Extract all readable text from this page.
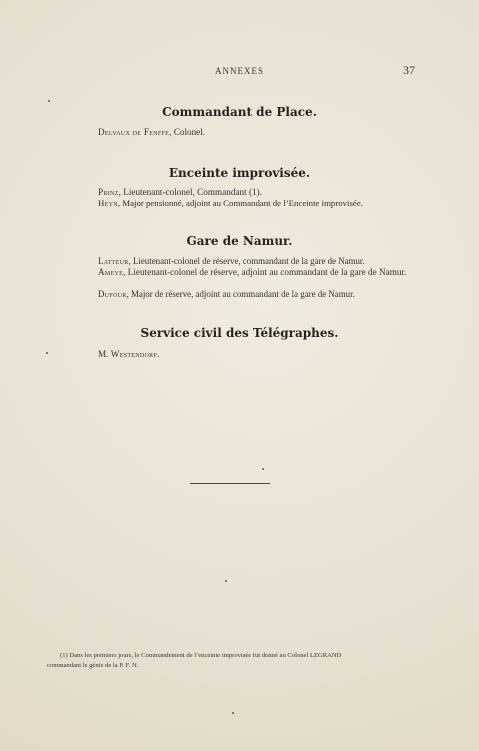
ANNEXES	37
Commandant de Place.
Delvaux de Fenffe, Colonel.
Enceinte improvisée.
Prinz, Lieutenant-colonel, Commandant (1).
Heyn, Major pensionné, adjoint au Commandant de l’Enceinte improvisée.
Gare de Namur.
Latteur, Lieutenant-colonel de réserve, commandant de la gare de Namur.
Ameye, Lieutenant-colonel de réserve, adjoint au commandant de la gare de Namur.
Dufour, Major de réserve, adjoint au commandant de la gare de Namur.
Service civil des Télégraphes.
M. Westendorp.
(1) Dans les premiers jours, le Commandement de l’enceinte improvisée fut donné au Colonel LEGRAND
commandant le génie de la P. F. N.
